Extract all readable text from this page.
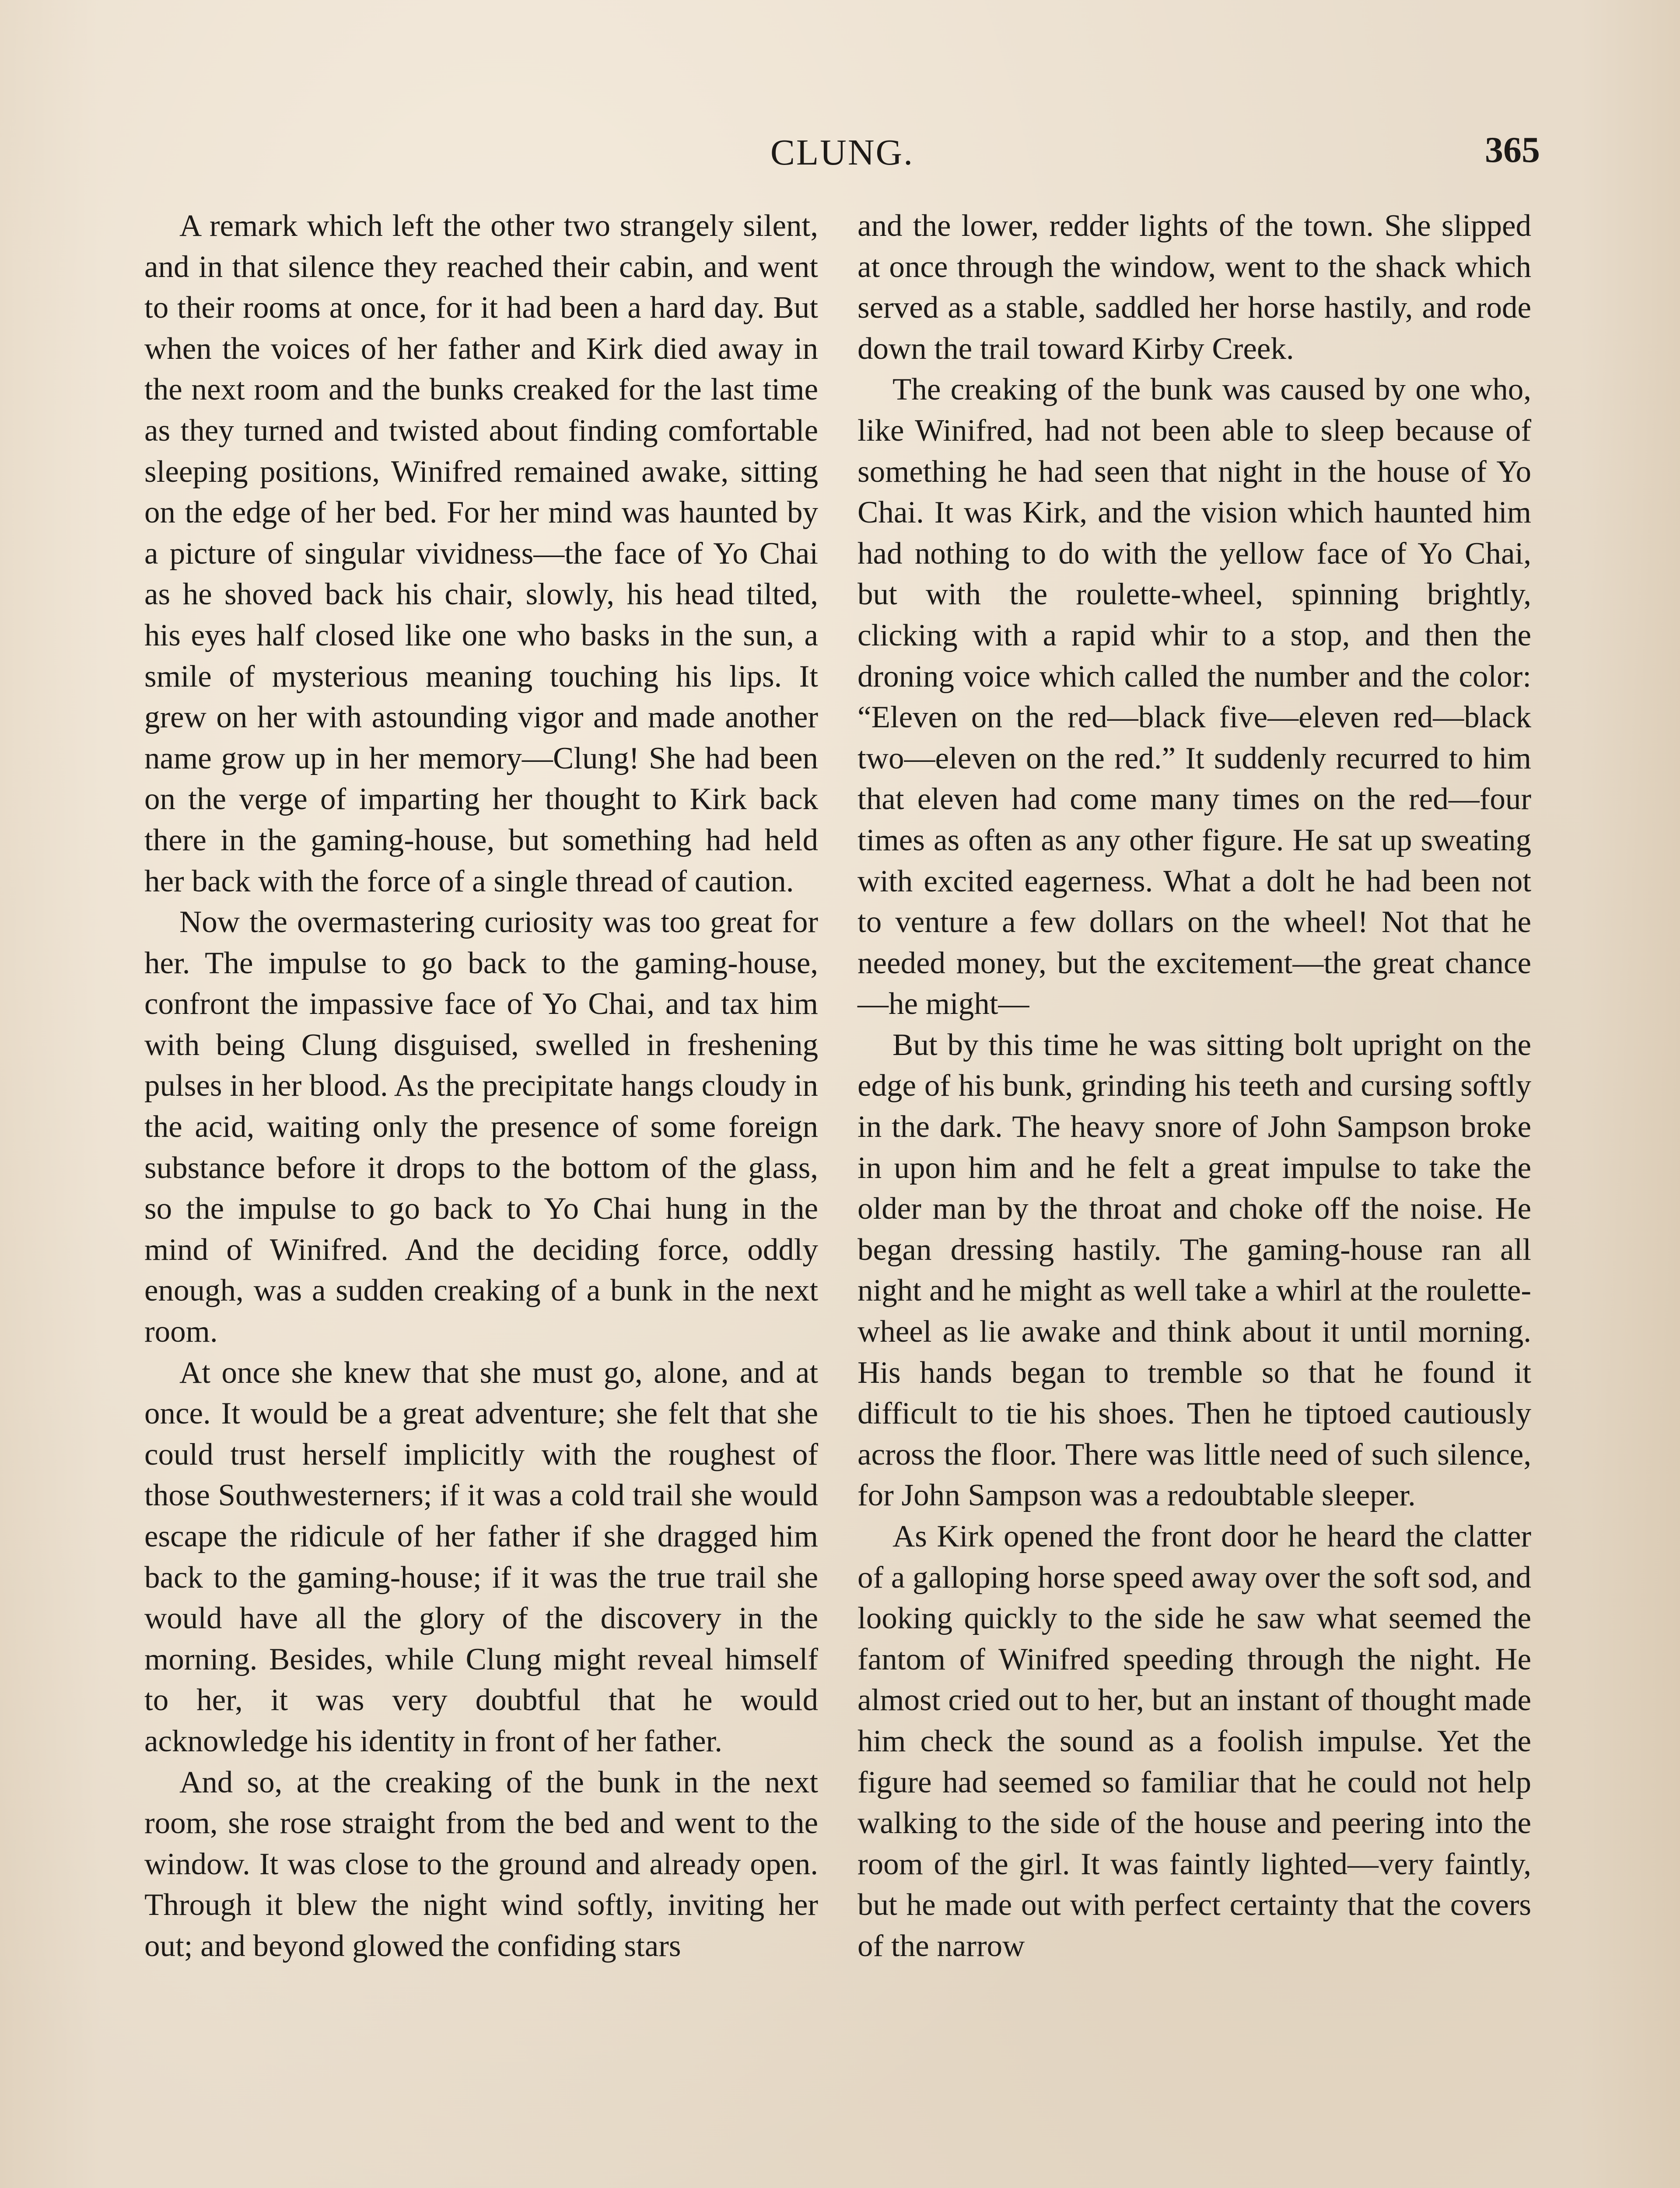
CLUNG.	365

A remark which left the other two strangely silent, and in that silence they reached their cabin, and went to their rooms at once, for it had been a hard day. But when the voices of her father and Kirk died away in the next room and the bunks creaked for the last time as they turned and twisted about finding comfortable sleeping positions, Winifred remained awake, sitting on the edge of her bed. For her mind was haunted by a picture of singular vividness—the face of Yo Chai as he shoved back his chair, slowly, his head tilted, his eyes half closed like one who basks in the sun, a smile of mysterious meaning touching his lips. It grew on her with astounding vigor and made another name grow up in her memory—Clung! She had been on the verge of imparting her thought to Kirk back there in the gaming-house, but something had held her back with the force of a single thread of caution.

Now the overmastering curiosity was too great for her. The impulse to go back to the gaming-house, confront the impassive face of Yo Chai, and tax him with being Clung disguised, swelled in freshening pulses in her blood. As the precipitate hangs cloudy in the acid, waiting only the presence of some foreign substance before it drops to the bottom of the glass, so the impulse to go back to Yo Chai hung in the mind of Winifred. And the deciding force, oddly enough, was a sudden creaking of a bunk in the next room.

At once she knew that she must go, alone, and at once. It would be a great adventure; she felt that she could trust herself implicitly with the roughest of those Southwesterners; if it was a cold trail she would escape the ridicule of her father if she dragged him back to the gaming-house; if it was the true trail she would have all the glory of the discovery in the morning. Besides, while Clung might reveal himself to her, it was very doubtful that he would acknowledge his identity in front of her father.

And so, at the creaking of the bunk in the next room, she rose straight from the bed and went to the window. It was close to the ground and already open. Through it blew the night wind softly, inviting her out; and beyond glowed the confiding stars

and the lower, redder lights of the town. She slipped at once through the window, went to the shack which served as a stable, saddled her horse hastily, and rode down the trail toward Kirby Creek.

The creaking of the bunk was caused by one who, like Winifred, had not been able to sleep because of something he had seen that night in the house of Yo Chai. It was Kirk, and the vision which haunted him had nothing to do with the yellow face of Yo Chai, but with the roulette-wheel, spinning brightly, clicking with a rapid whir to a stop, and then the droning voice which called the number and the color: “Eleven on the red—black five—eleven red—black two—eleven on the red.” It suddenly recurred to him that eleven had come many times on the red—four times as often as any other figure. He sat up sweating with excited eagerness. What a dolt he had been not to venture a few dollars on the wheel! Not that he needed money, but the excitement—the great chance—he might—

But by this time he was sitting bolt upright on the edge of his bunk, grinding his teeth and cursing softly in the dark. The heavy snore of John Sampson broke in upon him and he felt a great impulse to take the older man by the throat and choke off the noise. He began dressing hastily. The gaming-house ran all night and he might as well take a whirl at the roulette-wheel as lie awake and think about it until morning. His hands began to tremble so that he found it difficult to tie his shoes. Then he tiptoed cautiously across the floor. There was little need of such silence, for John Sampson was a redoubtable sleeper.

As Kirk opened the front door he heard the clatter of a galloping horse speed away over the soft sod, and looking quickly to the side he saw what seemed the fantom of Winifred speeding through the night. He almost cried out to her, but an instant of thought made him check the sound as a foolish impulse. Yet the figure had seemed so familiar that he could not help walking to the side of the house and peering into the room of the girl. It was faintly lighted—very faintly, but he made out with perfect certainty that the covers of the narrow
